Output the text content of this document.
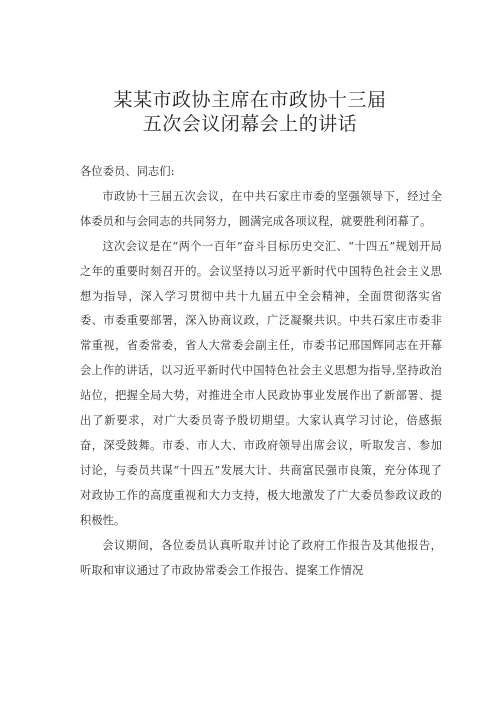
某某市政协主席在市政协十三届
五次会议闭幕会上的讲话

各位委员、同志们:

市政协十三届五次会议，在中共石家庄市委的坚强领导下，经过全体委员和与会同志的共同努力，圆满完成各项议程，就要胜利闭幕了。

这次会议是在“两个一百年”奋斗目标历史交汇、“十四五”规划开局之年的重要时刻召开的。会议坚持以习近平新时代中国特色社会主义思想为指导，深入学习贯彻中共十九届五中全会精神，全面贯彻落实省委、市委重要部署，深入协商议政，广泛凝聚共识。中共石家庄市委非常重视，省委常委，省人大常委会副主任，市委书记邢国辉同志在开幕会上作的讲话，以习近平新时代中国特色社会主义思想为指导,坚持政治站位，把握全局大势，对推进全市人民政协事业发展作出了新部署、提出了新要求，对广大委员寄予殷切期望。大家认真学习讨论，倍感振奋，深受鼓舞。市委、市人大、市政府领导出席会议，听取发言、参加讨论，与委员共谋“十四五”发展大计、共商富民强市良策，充分体现了对政协工作的高度重视和大力支持，极大地激发了广大委员参政议政的积极性。

会议期间，各位委员认真听取并讨论了政府工作报告及其他报告，听取和审议通过了市政协常委会工作报告、提案工作情况
